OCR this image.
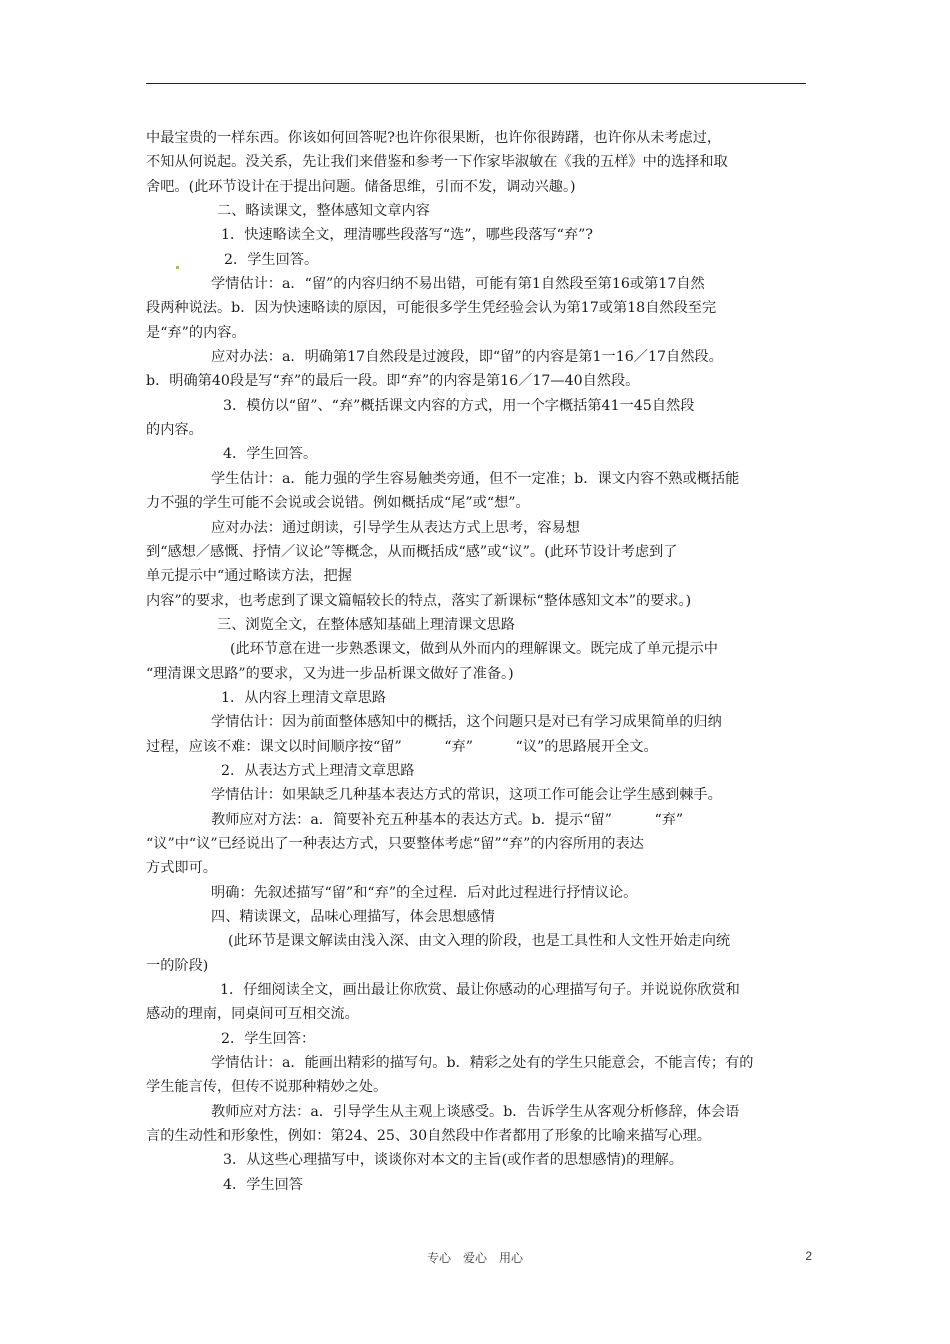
中最宝贵的一样东西。你该如何回答呢?也许你很果断，也许你很踌躇，也许你从未考虑过，
不知从何说起。没关系，先让我们来借鉴和参考一下作家毕淑敏在《我的五样》中的选择和取
舍吧。(此环节设计在于提出问题。储备思维，引而不发，调动兴趣。)
二、略读课文，整体感知文章内容
1．快速略读全文，理清哪些段落写“选”，哪些段落写“弃”?
2．学生回答。
学情估计：a．“留”的内容归纳不易出错，可能有第1自然段至第16或第17自然
段两种说法。b．因为快速略读的原因，可能很多学生凭经验会认为第17或第18自然段至完
是“弃”的内容。
应对办法：a．明确第17自然段是过渡段，即“留”的内容是第1一16／17自然段。
b．明确第40段是写“弃”的最后一段。即“弃”的内容是第16／17—40自然段。
3．模仿以“留”、“弃”概括课文内容的方式，用一个字概括第41一45自然段
的内容。
4．学生回答。
学生估计：a．能力强的学生容易触类旁通，但不一定准；b．课文内容不熟或概括能
力不强的学生可能不会说或会说错。例如概括成“尾”或“想”。
应对办法：通过朗读，引导学生从表达方式上思考，容易想
到“感想／感慨、抒情／议论”等概念，从而概括成“感”或“议”。(此环节设计考虑到了
单元提示中“通过略读方法，把握
内容”的要求，也考虑到了课文篇幅较长的特点，落实了新课标“整体感知文本”的要求。)
三、浏览全文，在整体感知基础上理清课文思路
(此环节意在进一步熟悉课文，做到从外而内的理解课文。既完成了单元提示中
“理清课文思路”的要求，又为进一步品析课文做好了准备。)
1．从内容上理清文章思路
学情估计：因为前面整体感知中的概括，这个问题只是对已有学习成果简单的归纳
过程，应该不难：课文以时间顺序按“留”　　　“弃”　　　“议”的思路展开全文。
2．从表达方式上理清文章思路
学情估计：如果缺乏几种基本表达方式的常识，这项工作可能会让学生感到棘手。
教师应对方法：a．简要补充五种基本的表达方式。b．提示“留”　　　“弃”
“议”中“议”已经说出了一种表达方式，只要整体考虑“留”“弃”的内容所用的表达
方式即可。
明确：先叙述描写“留”和“弃”的全过程．后对此过程进行抒情议论。
四、精读课文，品味心理描写，体会思想感情
(此环节是课文解读由浅入深、由文入理的阶段，也是工具性和人文性开始走向统
一的阶段)
1．仔细阅读全文，画出最让你欣赏、最让你感动的心理描写句子。并说说你欣赏和
感动的理南，同桌间可互相交流。
2．学生回答：
学情估计：a．能画出精彩的描写句。b．精彩之处有的学生只能意会，不能言传；有的
学生能言传，但传不说那种精妙之处。
教师应对方法：a．引导学生从主观上谈感受。b．告诉学生从客观分析修辞，体会语
言的生动性和形象性，例如：第24、25、30自然段中作者都用了形象的比喻来描写心理。
3．从这些心理描写中，谈谈你对本文的主旨(或作者的思想感情)的理解。
4．学生回答
专心　爱心　用心	2
